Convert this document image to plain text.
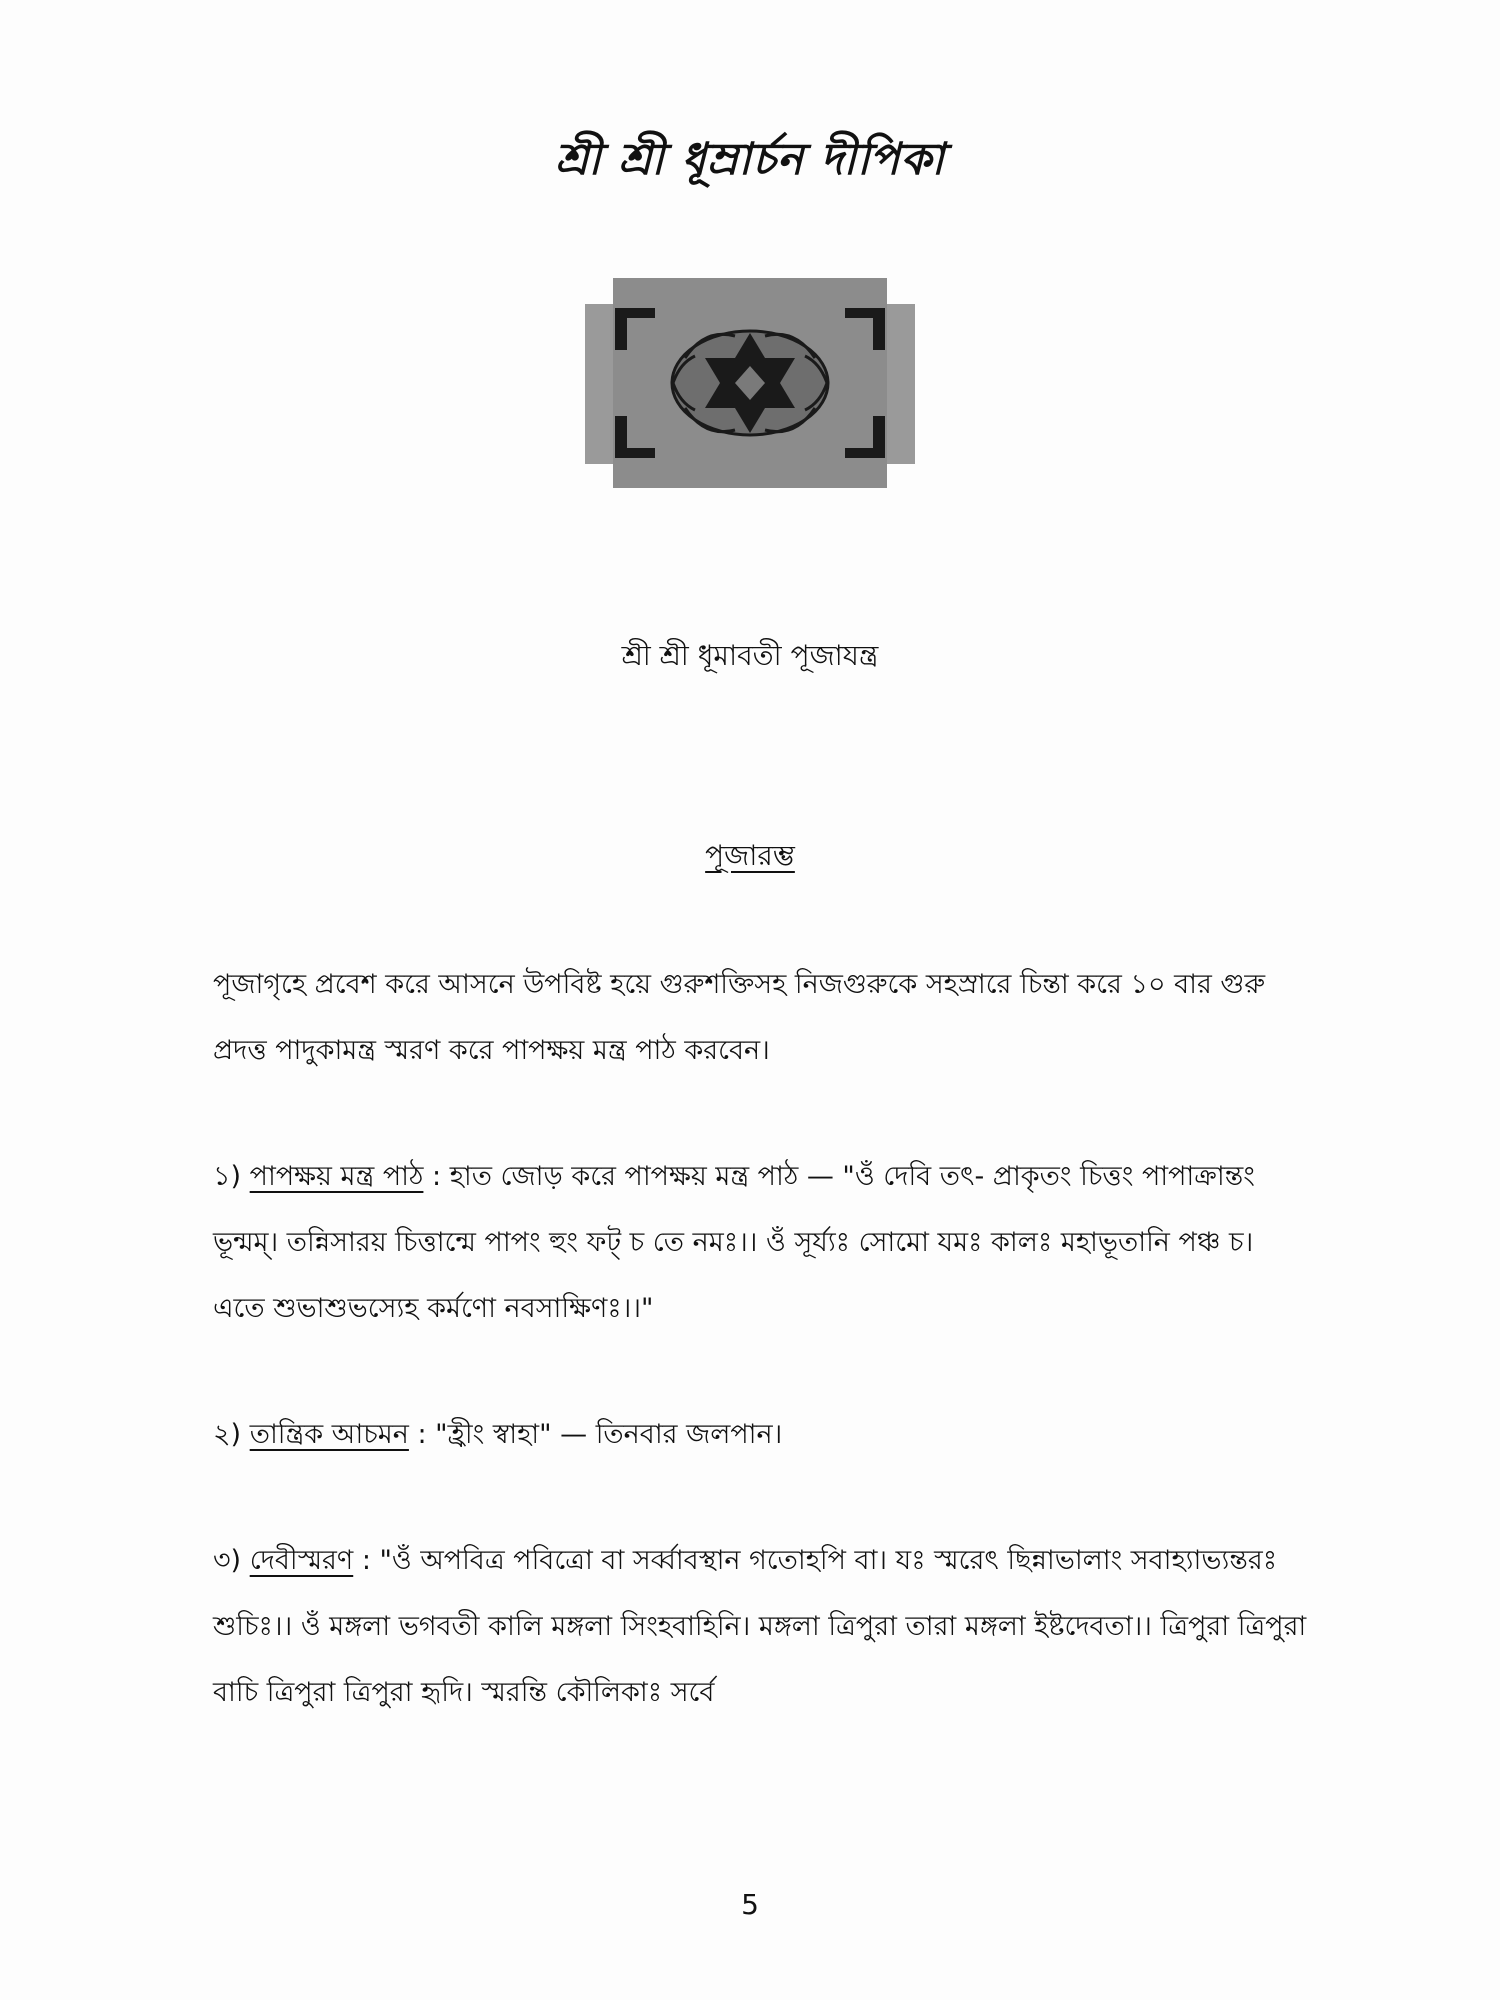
শ্রী শ্রী ধূম্রার্চন দীপিকা
শ্রী শ্রী ধূমাবতী পূজাযন্ত্র
পূজারম্ভ
পূজাগৃহে প্রবেশ করে আসনে উপবিষ্ট হয়ে গুরুশক্তিসহ নিজগুরুকে সহস্রারে চিন্তা করে ১০ বার গুরু প্রদত্ত পাদুকামন্ত্র স্মরণ করে পাপক্ষয় মন্ত্র পাঠ করবেন।
১) পাপক্ষয় মন্ত্র পাঠ : হাত জোড় করে পাপক্ষয় মন্ত্র পাঠ — "ওঁ দেবি তৎ- প্রাকৃতং চিত্তং পাপাক্রান্তং ভূন্মম্। তন্নিসারয় চিত্তান্মে পাপং হুং ফট্ চ তে নমঃ।। ওঁ সূর্য্যঃ সোমো যমঃ কালঃ মহাভূতানি পঞ্চ চ। এতে শুভাশুভস্যেহ কর্মণো নবসাক্ষিণঃ।।"
২) তান্ত্রিক আচমন : "হ্রীং স্বাহা" — তিনবার জলপান।
৩) দেবীস্মরণ : "ওঁ অপবিত্র পবিত্রো বা সর্ব্বাবস্থান গতোহপি বা। যঃ স্মরেৎ ছিন্নাভালাং সবাহ্যাভ্যন্তরঃ শুচিঃ।। ওঁ মঙ্গলা ভগবতী কালি মঙ্গলা সিংহবাহিনি। মঙ্গলা ত্রিপুরা তারা মঙ্গলা ইষ্টদেবতা।। ত্রিপুরা ত্রিপুরা বাচি ত্রিপুরা ত্রিপুরা হৃদি। স্মরন্তি কৌলিকাঃ সর্বে
5
